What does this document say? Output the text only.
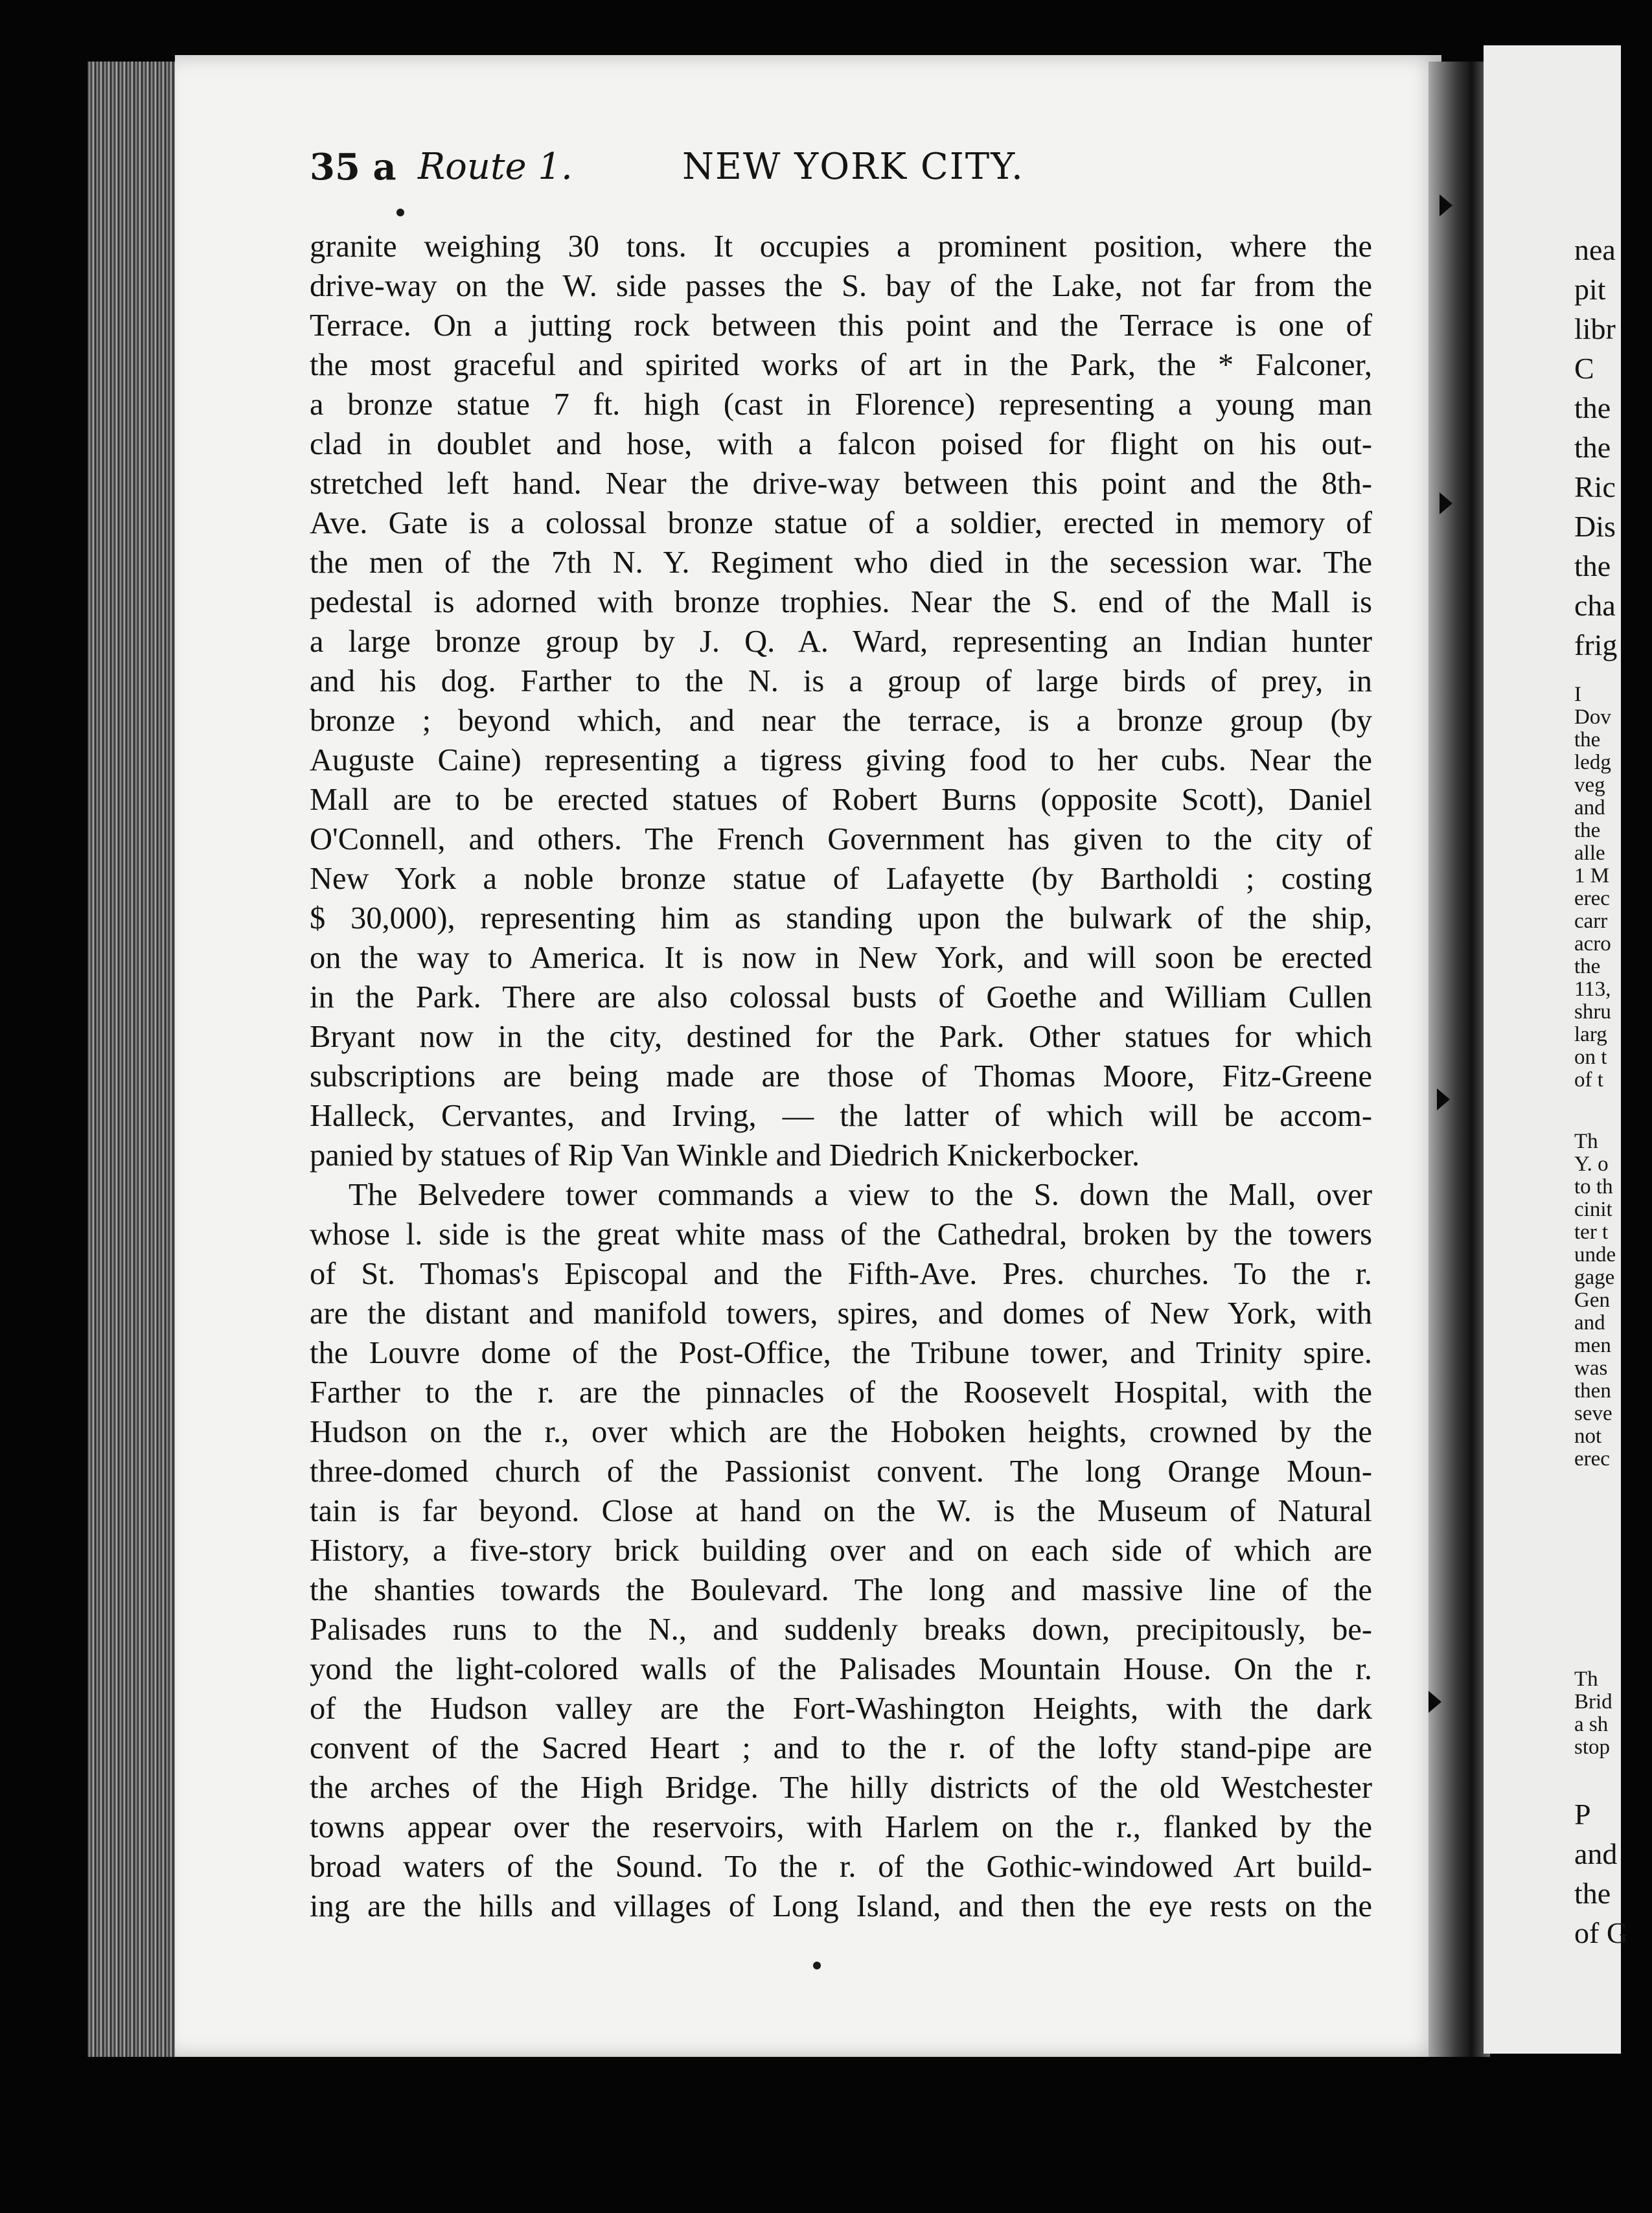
35 a Route 1.	NEW YORK CITY.
granite weighing 30 tons. It occupies a prominent position, where the
drive-way on the W. side passes the S. bay of the Lake, not far from the
Terrace. On a jutting rock between this point and the Terrace is one of
the most graceful and spirited works of art in the Park, the * Falconer,
a bronze statue 7 ft. high (cast in Florence) representing a young man
clad in doublet and hose, with a falcon poised for flight on his out-
stretched left hand. Near the drive-way between this point and the 8th-
Ave. Gate is a colossal bronze statue of a soldier, erected in memory of
the men of the 7th N. Y. Regiment who died in the secession war. The
pedestal is adorned with bronze trophies. Near the S. end of the Mall is
a large bronze group by J. Q. A. Ward, representing an Indian hunter
and his dog. Farther to the N. is a group of large birds of prey, in
bronze ; beyond which, and near the terrace, is a bronze group (by
Auguste Caine) representing a tigress giving food to her cubs. Near the
Mall are to be erected statues of Robert Burns (opposite Scott), Daniel
O'Connell, and others. The French Government has given to the city of
New York a noble bronze statue of Lafayette (by Bartholdi ; costing
$ 30,000), representing him as standing upon the bulwark of the ship,
on the way to America. It is now in New York, and will soon be erected
in the Park. There are also colossal busts of Goethe and William Cullen
Bryant now in the city, destined for the Park. Other statues for which
subscriptions are being made are those of Thomas Moore, Fitz-Greene
Halleck, Cervantes, and Irving, — the latter of which will be accom-
panied by statues of Rip Van Winkle and Diedrich Knickerbocker.
The Belvedere tower commands a view to the S. down the Mall, over
whose l. side is the great white mass of the Cathedral, broken by the towers
of St. Thomas's Episcopal and the Fifth-Ave. Pres. churches. To the r.
are the distant and manifold towers, spires, and domes of New York, with
the Louvre dome of the Post-Office, the Tribune tower, and Trinity spire.
Farther to the r. are the pinnacles of the Roosevelt Hospital, with the
Hudson on the r., over which are the Hoboken heights, crowned by the
three-domed church of the Passionist convent. The long Orange Moun-
tain is far beyond. Close at hand on the W. is the Museum of Natural
History, a five-story brick building over and on each side of which are
the shanties towards the Boulevard. The long and massive line of the
Palisades runs to the N., and suddenly breaks down, precipitously, be-
yond the light-colored walls of the Palisades Mountain House. On the r.
of the Hudson valley are the Fort-Washington Heights, with the dark
convent of the Sacred Heart ; and to the r. of the lofty stand-pipe are
the arches of the High Bridge. The hilly districts of the old Westchester
towns appear over the reservoirs, with Harlem on the r., flanked by the
broad waters of the Sound. To the r. of the Gothic-windowed Art build-
ing are the hills and villages of Long Island, and then the eye rests on the
nea
pit
libr
C
the
the
Ric
Dis
the
cha
frig
I
Dov
the
ledg
veg
and
the
alle
1 M
erec
carr
acro
the
113,
shru
larg
on t
of t
Th
Y. o
to th
cinit
ter t
unde
gage
Gen
and
men
was
then
seve
not
erec
Th
Brid
a sh
stop
P
and
the
of G
